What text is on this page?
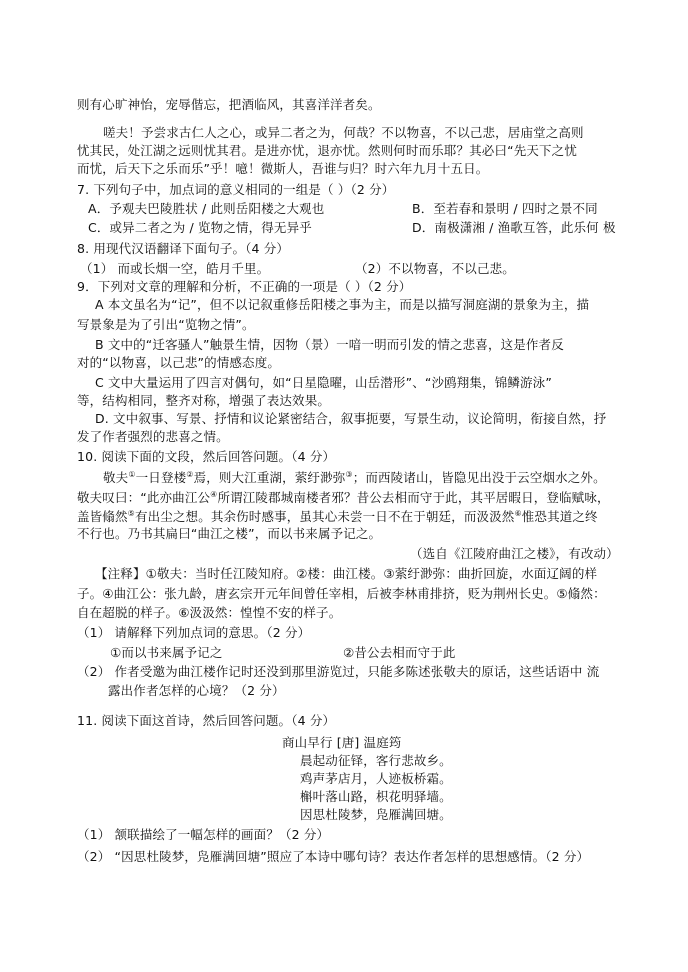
则有心旷神怡，宠辱偕忘，把酒临风，其喜洋洋者矣。
嗟夫！予尝求古仁人之心，或异二者之为，何哉？不以物喜，不以己悲，居庙堂之高则
忧其民，处江湖之远则忧其君。是进亦忧，退亦忧。然则何时而乐耶？其必曰“先天下之忧
而忧，后天下之乐而乐”乎！噫！微斯人，吾谁与归？时六年九月十五日。
7. 下列句子中，加点词的意义相同的一组是（ ）（2 分）
A．予观夫巴陵胜状 / 此则岳阳楼之大观也	B．至若春和景明 / 四时之景不同
C．或异二者之为 / 览物之情，得无异乎	D．南极潇湘 / 渔歌互答，此乐何 极
8. 用现代汉语翻译下面句子。（4 分）
（1） 而或长烟一空，皓月千里。	（2）不以物喜，不以己悲。
9．下列对文章的理解和分析，不正确的一项是（ ）（2 分）
A 本文虽名为“记”，但不以记叙重修岳阳楼之事为主，而是以描写洞庭湖的景象为主，描
写景象是为了引出“览物之情”。
B 文中的“迁客骚人”触景生情，因物（景）一喑一明而引发的情之悲喜，这是作者反
对的“以物喜，以己悲”的情感态度。
C 文中大量运用了四言对偶句，如“日星隐曜，山岳潜形”、“沙鸥翔集，锦鳞游泳”
等，结构相同，整齐对称，增强了表达效果。
D. 文中叙事、写景、抒情和议论紧密结合，叙事扼要，写景生动，议论简明，衔接自然，抒
发了作者强烈的悲喜之情。
10. 阅读下面的文段，然后回答问题。（4 分）
敬夫①一日登楼②焉，则大江重湖，萦纡渺弥③；而西陵诸山，皆隐见出没于云空烟水之外。
敬夫叹曰：“此亦曲江公④所谓江陵郡城南楼者邪？昔公去相而守于此，其平居暇日，登临赋咏，
盖皆翛然⑤有出尘之想。其余伤时感事，虽其心未尝一日不在于朝廷，而汲汲然⑥惟恐其道之终
不行也。乃书其扁曰“曲江之楼”，而以书来属予记之。
（选自《江陵府曲江之楼》，有改动）
【注释】①敬夫：当时任江陵知府。②楼：曲江楼。③萦纡渺弥：曲折回旋，水面辽阔的样
子。④曲江公：张九龄，唐玄宗开元年间曾任宰相，后被李林甫排挤，贬为荆州长史。⑤翛然：
自在超脱的样子。⑥汲汲然：惶惶不安的样子。
（1） 请解释下列加点词的意思。（2 分）
①而以书来属予记之	②昔公去相而守于此
（2） 作者受邀为曲江楼作记时还没到那里游览过，只能多陈述张敬夫的原话，这些话语中 流
露出作者怎样的心境？（2 分）
11. 阅读下面这首诗，然后回答问题。（4 分）
商山早行 [唐] 温庭筠
晨起动征铎，客行悲故乡。
鸡声茅店月，人迹板桥霜。
槲叶落山路，枳花明驿墙。
因思杜陵梦，凫雁满回塘。
（1） 颔联描绘了一幅怎样的画面？（2 分）
（2） “因思杜陵梦，凫雁满回塘”照应了本诗中哪句诗？表达作者怎样的思想感情。（2 分）
